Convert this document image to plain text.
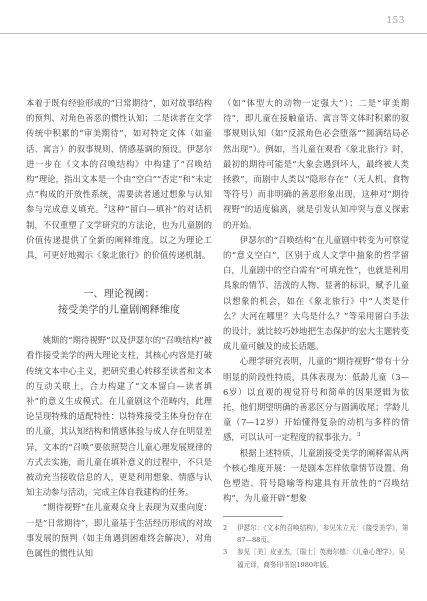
153

本着于既有经验形成的“日常期待”，如对故事结构的预判、对角色善恶的惯性认知；二是读者在文学传统中积累的“审美期待”，如对特定文体（如童话、寓言）的叙事规则、情感基调的预设。伊瑟尔进一步在《文本的召唤结构》中构建了“召唤结构”理论，指出文本是一个由“空白”“否定”和“未定点”构成的开放性系统，需要读者通过想象与认知参与完成意义填充。$^2$这种“留白—填补”的对话机制，不仅重塑了文学研究的方法论，也为儿童剧的价值传递提供了全新的阐释维度。以之为理论工具，可更好地揭示《象北旅行》的价值传递机制。

一、理论视阈：
接受美学的儿童剧阐释维度

姚斯的“期待视野”以及伊瑟尔的“召唤结构”被看作接受美学的两大理论支柱，其核心内容是打破传统文本中心主义，把研究重心转移至读者和文本的互动关联上，合力构建了“文本留白—读者填补”的意义生成模式。在儿童剧这个范畴内，此理论呈现特殊的适配特性：以特殊接受主体身份存在的儿童，其认知结构和情感体验与成人存在明显差异，文本的“召唤”要依照契合儿童心理发展规律的方式去实施，而儿童在填补意义的过程中，不只是被动充当接收信息的人，更是利用想象、情感与认知主动参与活动，完成主体自我建构的任务。

“期待视野”在儿童观众身上表现为双重向度：一是“日常期待”，即儿童基于生活经历形成的对故事发展的预判（如主角遇到困难终会解决），对角色属性的惯性认知

（如“体型大的动物一定强大”）；二是“审美期待”，即儿童在接触童话、寓言等文体时积累的叙事规则认知（如“反派角色必会堕落”“圆满结局必然出现”）。例如，当儿童在观看《象北旅行》时，最初的期待可能是“大象会遇到坏人，最终被人类拯救”，而剧中人类以“隐形存在”（无人机、食物等符号）而非明确的善恶形象出现，这种对“期待视野”的适度偏离，就是引发认知冲突与意义探索的开始。

伊瑟尔的“召唤结构”在儿童剧中转变为可察觉的“意义空白”，区别于成人文学中抽象的哲学留白，儿童剧中的空白需有“可填充性”，也就是利用具象的情节、活泼的人物、显著的标识，赋予儿童以想象的机会，如在《象北旅行》中“人类是什么？大河在哪里？大鸟是什么？”等采用留白手法的设计，就比较巧妙地把生态保护的宏大主题转变成儿童可触及的成长话题。

心理学研究表明，儿童的“期待视野”带有十分明显的阶段性特质，具体表现为：低龄儿童（3—6岁）以直观的视觉符号和简单的因果逻辑为依托，他们期望明确的善恶区分与圆满收尾；学龄儿童（7—12岁）开始懂得复杂的动机与多样的情感，可以认可一定程度的叙事张力。$^3$

根据上述特质，儿童剧接受美学的阐释需从两个核心维度开展：一是剧本怎样依靠情节设置、角色塑造、符号隐喻等构建具有开放性的“召唤结构”，为儿童开辟“想象

2	伊瑟尔：《文本的召唤结构》，参见朱立元：《接受美学》，第87—88页。
3	参见［美］皮亚杰，［瑞士］英海尔德：《儿童心理学》，吴福元译，商务印书馆1980年版。
